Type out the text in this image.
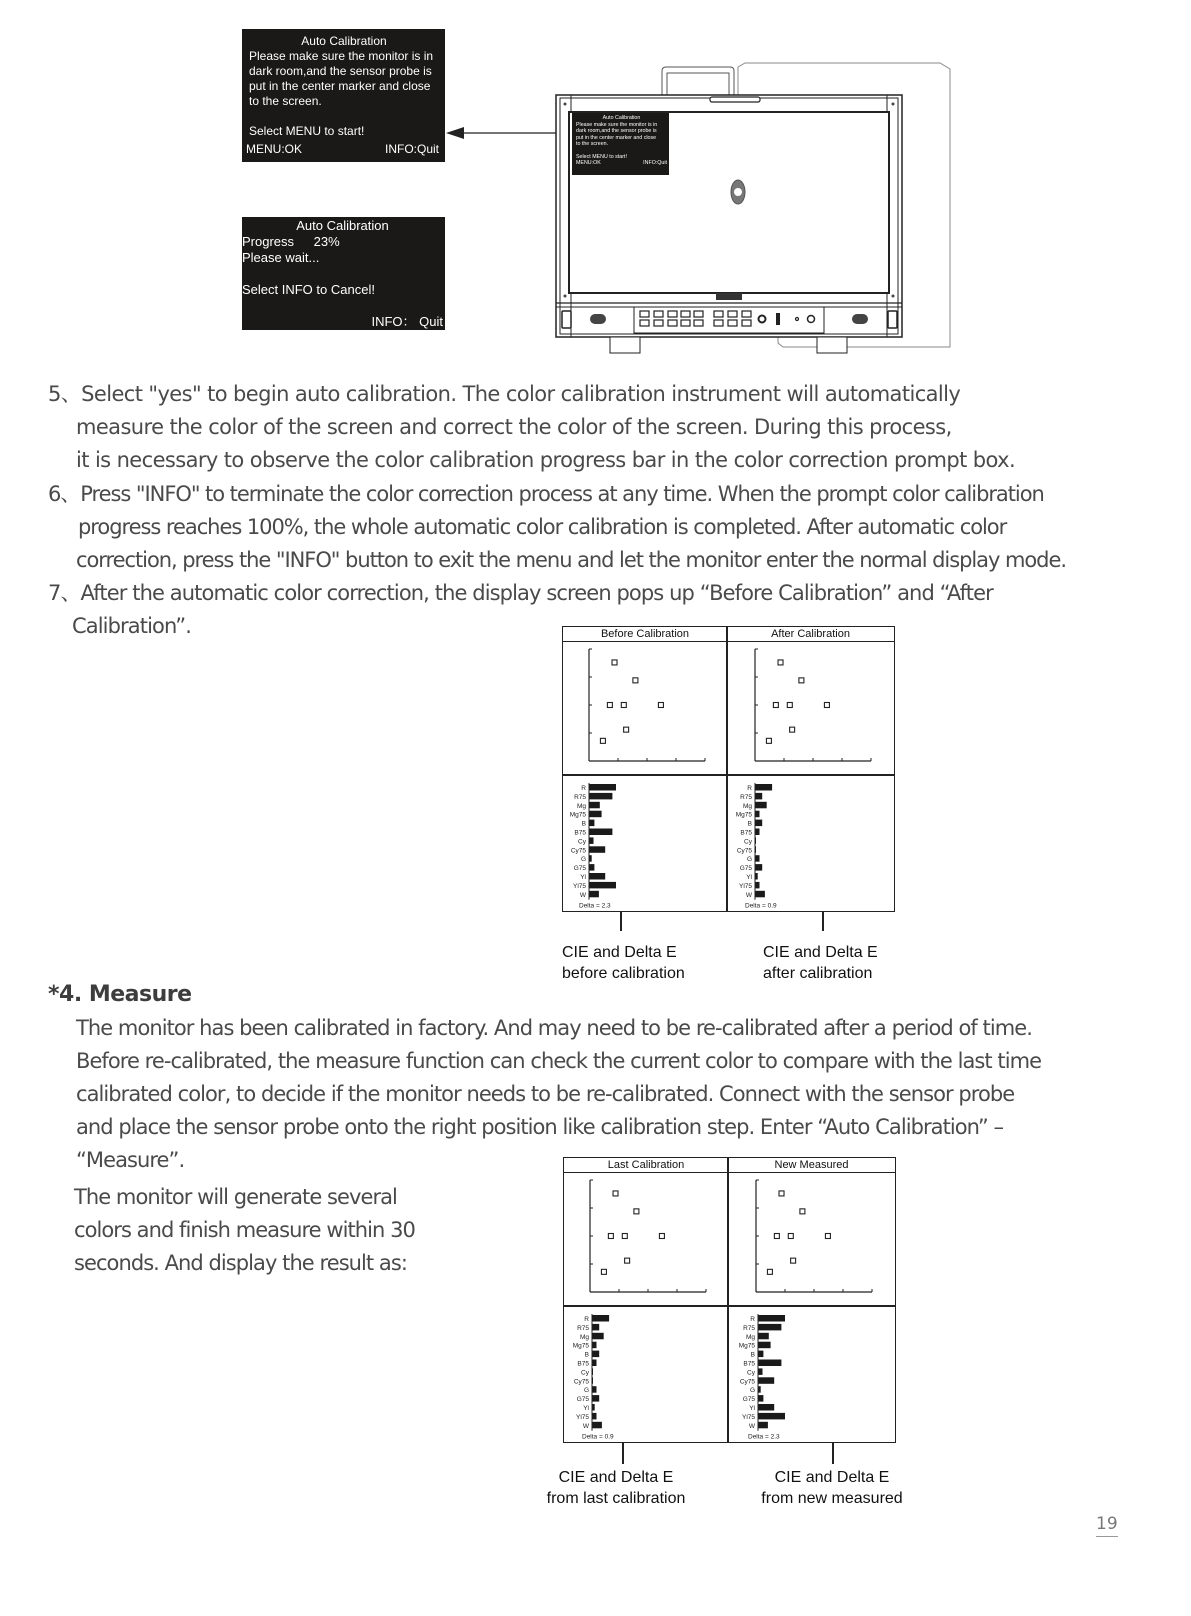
Auto Calibration
Please make sure the monitor is in
dark room,and the sensor probe is
put in the center marker and close
to the screen.
Select MENU to start!
MENU:OK	INFO:Quit
Auto Calibration
Progress 23%
Please wait...
Select INFO to Cancel!
INFO： Quit
Auto Calibration
Please make sure the monitor is in
dark room,and the sensor probe is
put in the center marker and close
to the screen.
Select MENU to start!
MENU:OK	INFO:Quit
5、Select "yes" to begin auto calibration. The color calibration instrument will automatically
measure the color of the screen and correct the color of the screen. During this process,
it is necessary to observe the color calibration progress bar in the color correction prompt box.
6、Press "INFO" to terminate the color correction process at any time. When the prompt color calibration
progress reaches 100%, the whole automatic color calibration is completed. After automatic color
correction, press the "INFO" button to exit the menu and let the monitor enter the normal display mode.
7、After the automatic color correction, the display screen pops up “Before Calibration” and “After
Calibration”.	Before Calibration	After Calibration
R
R75
Mg
Mg75
B
B75
Cy
Cy75
G
G75
Yl
Yl75
W
Delta = 2.3
R
R75
Mg
Mg75
B
B75
Cy
Cy75
G
G75
Yl
Yl75
W
Delta = 0.9
CIE and Delta E
before calibration
CIE and Delta E
after calibration
*4. Measure
The monitor has been calibrated in factory. And may need to be re-calibrated after a period of time.
Before re-calibrated, the measure function can check the current color to compare with the last time
calibrated color, to decide if the monitor needs to be re-calibrated. Connect with the sensor probe
and place the sensor probe onto the right position like calibration step. Enter “Auto Calibration” –
“Measure”.
The monitor will generate several
colors and finish measure within 30
seconds. And display the result as:
Last Calibration	New Measured
R
R75
Mg
Mg75
B
B75
Cy
Cy75
G
G75
Yl
Yl75
W
Delta = 0.9
R
R75
Mg
Mg75
B
B75
Cy
Cy75
G
G75
Yl
Yl75
W
Delta = 2.3
CIE and Delta E
from last calibration
CIE and Delta E
from new measured
19
